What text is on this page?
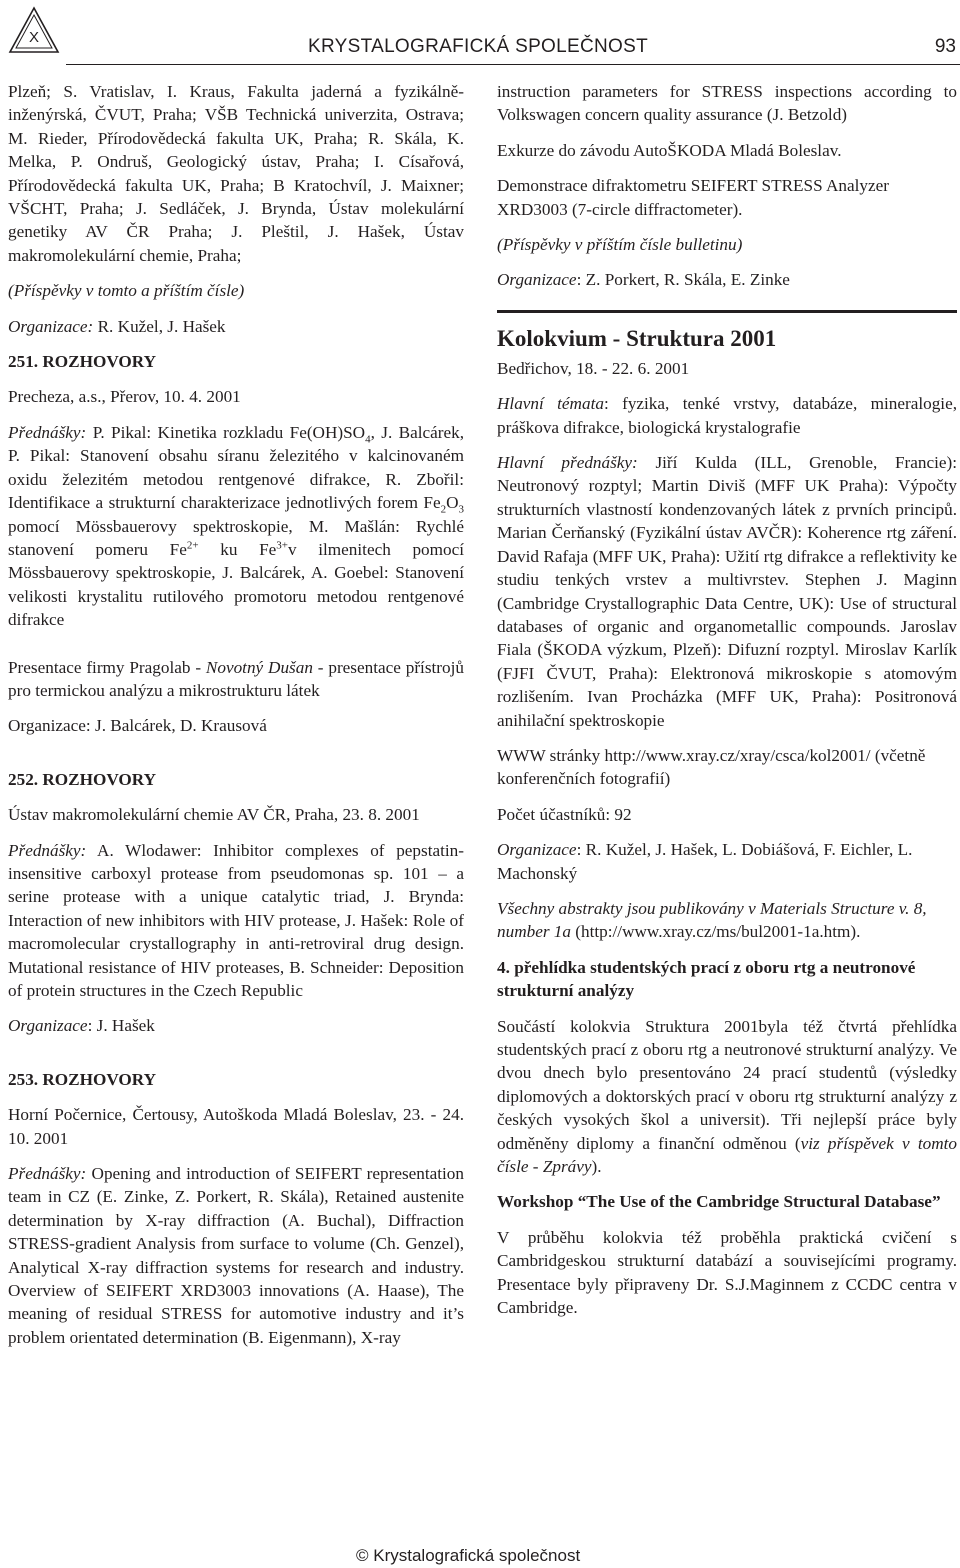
X	KRYSTALOGRAFICKÁ SPOLEČNOST	93

Plzeň; S. Vratislav, I. Kraus, Fakulta jaderná a fyzikálně-inženýrská, ČVUT, Praha; VŠB Technická univerzita, Ostrava; M. Rieder, Přírodovědecká fakulta UK, Praha; R. Skála, K. Melka, P. Ondruš, Geologický ústav, Praha; I. Císařová, Přírodovědecká fakulta UK, Praha; B Kratochvíl, J. Maixner; VŠCHT, Praha; J. Sedláček, J. Brynda, Ústav molekulární genetiky AV ČR Praha; J. Pleštil, J. Hašek, Ústav makromolekulární chemie, Praha;

(Příspěvky v tomto a příštím čísle)

Organizace: R. Kužel, J. Hašek

251. ROZHOVORY

Precheza, a.s., Přerov, 10. 4. 2001

Přednášky: P. Pikal: Kinetika rozkladu $Fe(OH)SO_4$, J. Balcárek, P. Pikal: Stanovení obsahu síranu železitého v kalcinovaném oxidu železitém metodou rentgenové difrakce, R. Zbořil: Identifikace a strukturní charakterizace jednotlivých forem $Fe_2O_3$ pomocí Mössbauerovy spektroskopie, M. Mašlán: Rychlé stanovení pomeru $Fe^{2+}$ ku $Fe^{3+}v$ ilmenitech pomocí Mössbauerovy spektroskopie, J. Balcárek, A. Goebel: Stanovení velikosti krystalitu rutilového promotoru metodou rentgenové difrakce

Presentace firmy Pragolab - Novotný Dušan - presentace přístrojů pro termickou analýzu a mikrostrukturu látek

Organizace: J. Balcárek, D. Krausová

252. ROZHOVORY

Ústav makromolekulární chemie AV ČR, Praha, 23. 8. 2001

Přednášky: A. Wlodawer: Inhibitor complexes of pepstatin-insensitive carboxyl protease from pseudomonas sp. 101 – a serine protease with a unique catalytic triad, J. Brynda: Interaction of new inhibitors with HIV protease, J. Hašek: Role of macromolecular crystallography in anti-retroviral drug design. Mutational resistance of HIV proteases, B. Schneider: Deposition of protein structures in the Czech Republic

Organizace: J. Hašek

253. ROZHOVORY

Horní Počernice, Čertousy, Autoškoda Mladá Boleslav, 23. - 24. 10. 2001

Přednášky: Opening and introduction of SEIFERT representation team in CZ (E. Zinke, Z. Porkert, R. Skála), Retained austenite determination by X-ray diffraction (A. Buchal), Diffraction STRESS-gradient Analysis from surface to volume (Ch. Genzel), Analytical X-ray diffraction systems for research and industry. Overview of SEIFERT XRD3003 innovations (A. Haase), The meaning of residual STRESS for automotive industry and it’s problem orientated determination (B. Eigenmann), X-ray

instruction parameters for STRESS inspections according to Volkswagen concern quality assurance (J. Betzold)

Exkurze do závodu AutoŠKODA Mladá Boleslav.

Demonstrace difraktometru SEIFERT STRESS Analyzer XRD3003 (7-circle diffractometer).

(Příspěvky v příštím čísle bulletinu)

Organizace: Z. Porkert, R. Skála, E. Zinke

Kolokvium - Struktura 2001

Bedřichov, 18. - 22. 6. 2001

Hlavní témata: fyzika, tenké vrstvy, databáze, mineralogie, práškova difrakce, biologická krystalografie

Hlavní přednášky: Jiří Kulda (ILL, Grenoble, Francie): Neutronový rozptyl; Martin Diviš (MFF UK Praha): Výpočty strukturních vlastností kondenzovaných látek z prvních principů. Marian Čerňanský (Fyzikální ústav AVČR): Koherence rtg záření. David Rafaja (MFF UK, Praha): Užití rtg difrakce a reflektivity ke studiu tenkých vrstev a multivrstev. Stephen J. Maginn (Cambridge Crystallographic Data Centre, UK): Use of structural databases of organic and organometallic compounds. Jaroslav Fiala (ŠKODA výzkum, Plzeň): Difuzní rozptyl. Miroslav Karlík (FJFI ČVUT, Praha): Elektronová mikroskopie s atomovým rozlišením. Ivan Procházka (MFF UK, Praha): Positronová anihilační spektroskopie

WWW stránky http://www.xray.cz/xray/csca/kol2001/ (včetně konferenčních fotografií)

Počet účastníků: 92

Organizace: R. Kužel, J. Hašek, L. Dobiášová, F. Eichler, L. Machonský

Všechny abstrakty jsou publikovány v Materials Structure v. 8, number 1a (http://www.xray.cz/ms/bul2001-1a.htm).

4. přehlídka studentských prací z oboru rtg a neutronové strukturní analýzy

Součástí kolokvia Struktura 2001byla též čtvrtá přehlídka studentských prací z oboru rtg a neutronové strukturní analýzy. Ve dvou dnech bylo presentováno 24 prací studentů (výsledky diplomových a doktorských prací v oboru rtg strukturní analýzy z českých vysokých škol a universit). Tři nejlepší práce byly odměněny diplomy a finanční odměnou (viz příspěvek v tomto čísle - Zprávy).

Workshop “The Use of the Cambridge Structural Database”

V průběhu kolokvia též proběhla praktická cvičení s Cambridgeskou strukturní databází a souvisejícími programy. Presentace byly připraveny Dr. S.J.Maginnem z CCDC centra v Cambridge.

© Krystalografická společnost
